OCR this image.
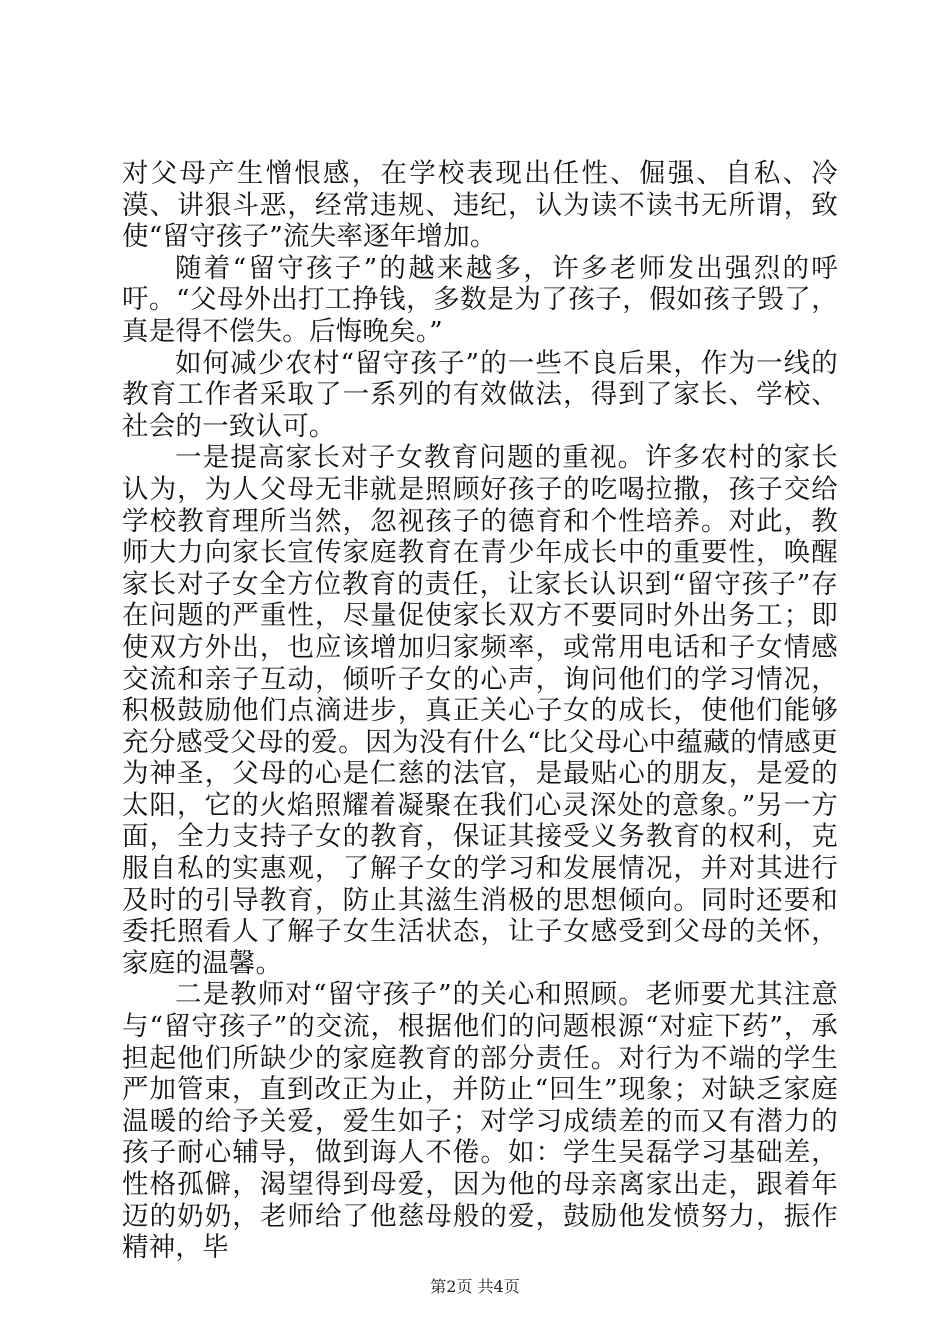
对父母产生憎恨感，在学校表现出任性、倔强、自私、冷漠、讲狠斗恶，经常违规、违纪，认为读不读书无所谓，致使“留守孩子”流失率逐年增加。

随着“留守孩子”的越来越多，许多老师发出强烈的呼吁。“父母外出打工挣钱，多数是为了孩子，假如孩子毁了，真是得不偿失。后悔晚矣。”

如何减少农村“留守孩子”的一些不良后果，作为一线的教育工作者采取了一系列的有效做法，得到了家长、学校、社会的一致认可。

一是提高家长对子女教育问题的重视。许多农村的家长认为，为人父母无非就是照顾好孩子的吃喝拉撒，孩子交给学校教育理所当然，忽视孩子的德育和个性培养。对此，教师大力向家长宣传家庭教育在青少年成长中的重要性，唤醒家长对子女全方位教育的责任，让家长认识到“留守孩子”存在问题的严重性，尽量促使家长双方不要同时外出务工；即使双方外出，也应该增加归家频率，或常用电话和子女情感交流和亲子互动，倾听子女的心声，询问他们的学习情况，积极鼓励他们点滴进步，真正关心子女的成长，使他们能够充分感受父母的爱。因为没有什么“比父母心中蕴藏的情感更为神圣，父母的心是仁慈的法官，是最贴心的朋友，是爱的太阳，它的火焰照耀着凝聚在我们心灵深处的意象。”另一方面，全力支持子女的教育，保证其接受义务教育的权利，克服自私的实惠观，了解子女的学习和发展情况，并对其进行及时的引导教育，防止其滋生消极的思想倾向。同时还要和委托照看人了解子女生活状态，让子女感受到父母的关怀，家庭的温馨。

二是教师对“留守孩子”的关心和照顾。老师要尤其注意与“留守孩子”的交流，根据他们的问题根源“对症下药”，承担起他们所缺少的家庭教育的部分责任。对行为不端的学生严加管束，直到改正为止，并防止“回生”现象；对缺乏家庭温暖的给予关爱，爱生如子；对学习成绩差的而又有潜力的孩子耐心辅导，做到诲人不倦。如：学生吴磊学习基础差，性格孤僻，渴望得到母爱，因为他的母亲离家出走，跟着年迈的奶奶，老师给了他慈母般的爱，鼓励他发愤努力，振作精神，毕

第2页 共4页
